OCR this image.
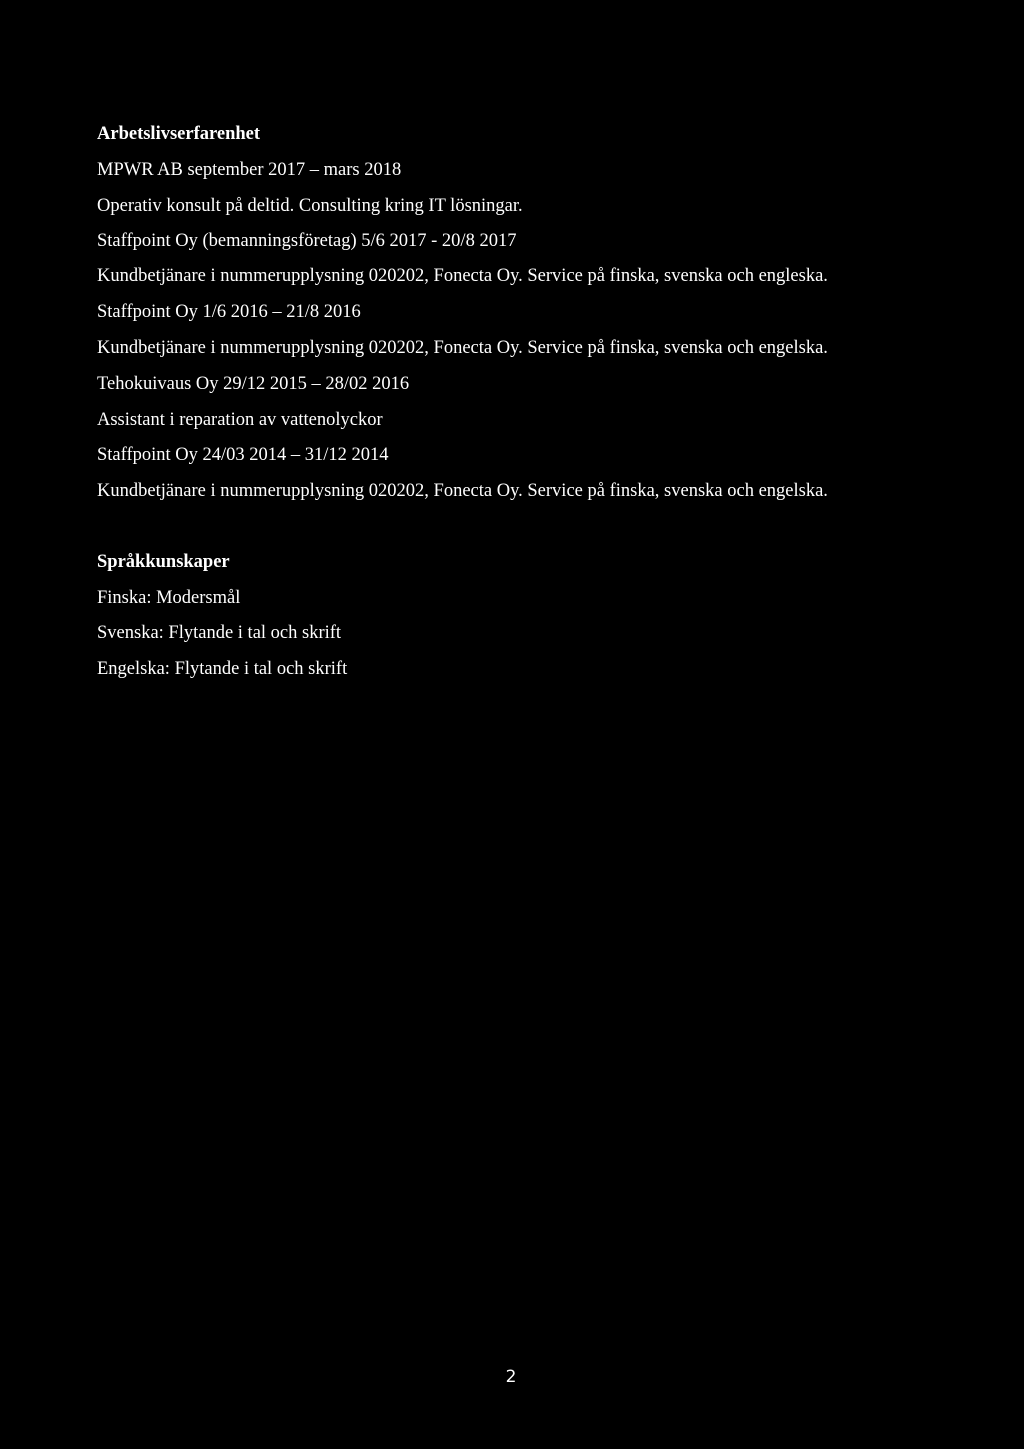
Arbetslivserfarenhet

MPWR AB september 2017 – mars 2018

Operativ konsult på deltid. Consulting kring IT lösningar.

Staffpoint Oy (bemanningsföretag) 5/6 2017 - 20/8 2017

Kundbetjänare i nummerupplysning 020202, Fonecta Oy. Service på finska, svenska och engleska.

Staffpoint Oy 1/6 2016 – 21/8 2016

Kundbetjänare i nummerupplysning 020202, Fonecta Oy. Service på finska, svenska och engelska.

Tehokuivaus Oy 29/12 2015 – 28/02 2016

Assistant i reparation av vattenolyckor

Staffpoint Oy 24/03 2014 – 31/12 2014

Kundbetjänare i nummerupplysning 020202, Fonecta Oy. Service på finska, svenska och engelska.

Språkkunskaper

Finska: Modersmål

Svenska: Flytande i tal och skrift

Engelska: Flytande i tal och skrift

2
